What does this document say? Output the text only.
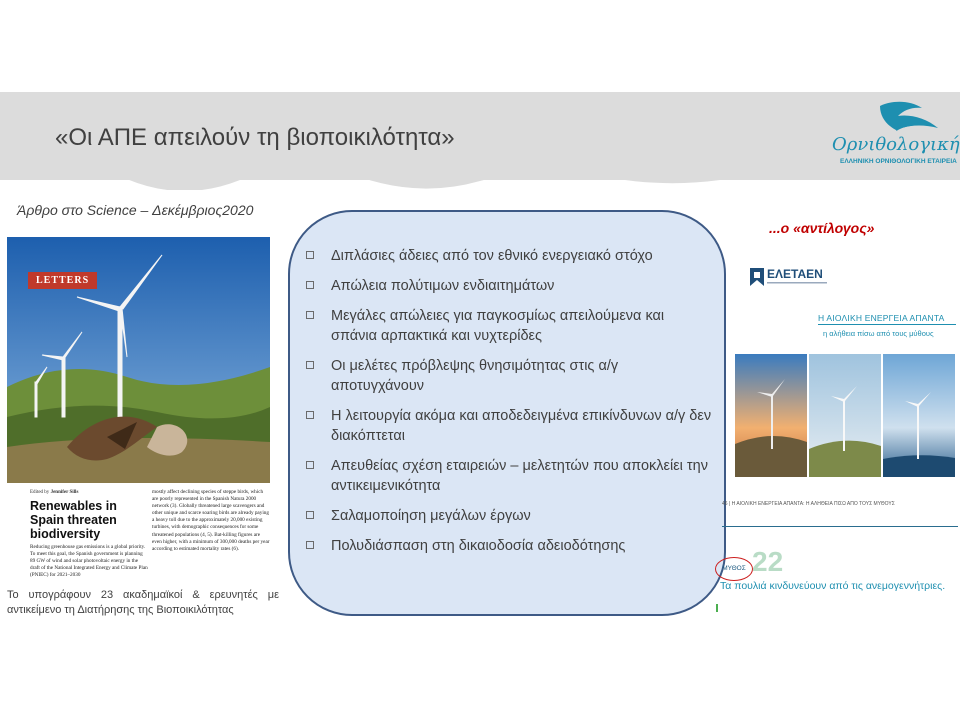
«Οι ΑΠΕ απειλούν τη βιοποικιλότητα»	Ορνιθολογική
ΕΛΛΗΝΙΚΗ ΟΡΝΙΘΟΛΟΓΙΚΗ ΕΤΑΙΡΕΙΑ
Άρθρο στο Science – Δεκέμβριος2020
LETTERS
Edited by Jennifer Sills
Renewables in Spain threaten biodiversity
Reducing greenhouse gas emissions is a global priority. To meet this goal, the Spanish government is planning 89 GW of wind and solar photovoltaic energy in the draft of the National Integrated Energy and Climate Plan (PNIEC) for 2021–2030
mostly affect declining species of steppe birds, which are poorly represented in the Spanish Natura 2000 network (3). Globally threatened large scavengers and other unique and scarce soaring birds are already paying a heavy toll due to the approximately 20,000 existing turbines, with demographic consequences for some threatened populations (4, 5). Bat-killing figures are even higher, with a minimum of 300,000 deaths per year according to estimated mortality rates (6).
Το υπογράφουν 23 ακαδημαϊκοί & ερευνητές με αντικείμενο τη Διατήρησης της Βιοποικιλότητας
Διπλάσιες άδειες από τον εθνικό ενεργειακό στόχο
Απώλεια πολύτιμων ενδιαιτημάτων
Μεγάλες απώλειες για παγκοσμίως απειλούμενα και σπάνια αρπακτικά και νυχτερίδες
Οι μελέτες πρόβλεψης θνησιμότητας στις α/γ αποτυγχάνουν
Η λειτουργία ακόμα και αποδεδειγμένα επικίνδυνων α/γ δεν διακόπτεται
Απευθείας σχέση εταιρειών – μελετητών που αποκλείει την αντικειμενικότητα
Σαλαμοποίηση μεγάλων έργων
Πολυδιάσπαση στη δικαιοδοσία αδειοδότησης
...ο «αντίλογος»
ΕΛΕΤΑΕΝ
Η ΑΙΟΛΙΚΗ ΕΝΕΡΓΕΙΑ ΑΠΑΝΤΑ
η αλήθεια πίσω από τους μύθους
46 | Η ΑΙΟΛΙΚΗ ΕΝΕΡΓΕΙΑ ΑΠΑΝΤΑ: Η ΑΛΗΘΕΙΑ ΠΙΣΩ ΑΠΟ ΤΟΥΣ ΜΥΘΟΥΣ
22
ΜΥΘΟΣ
Τα πουλιά κινδυνεύουν από τις ανεμογεννήτριες.
